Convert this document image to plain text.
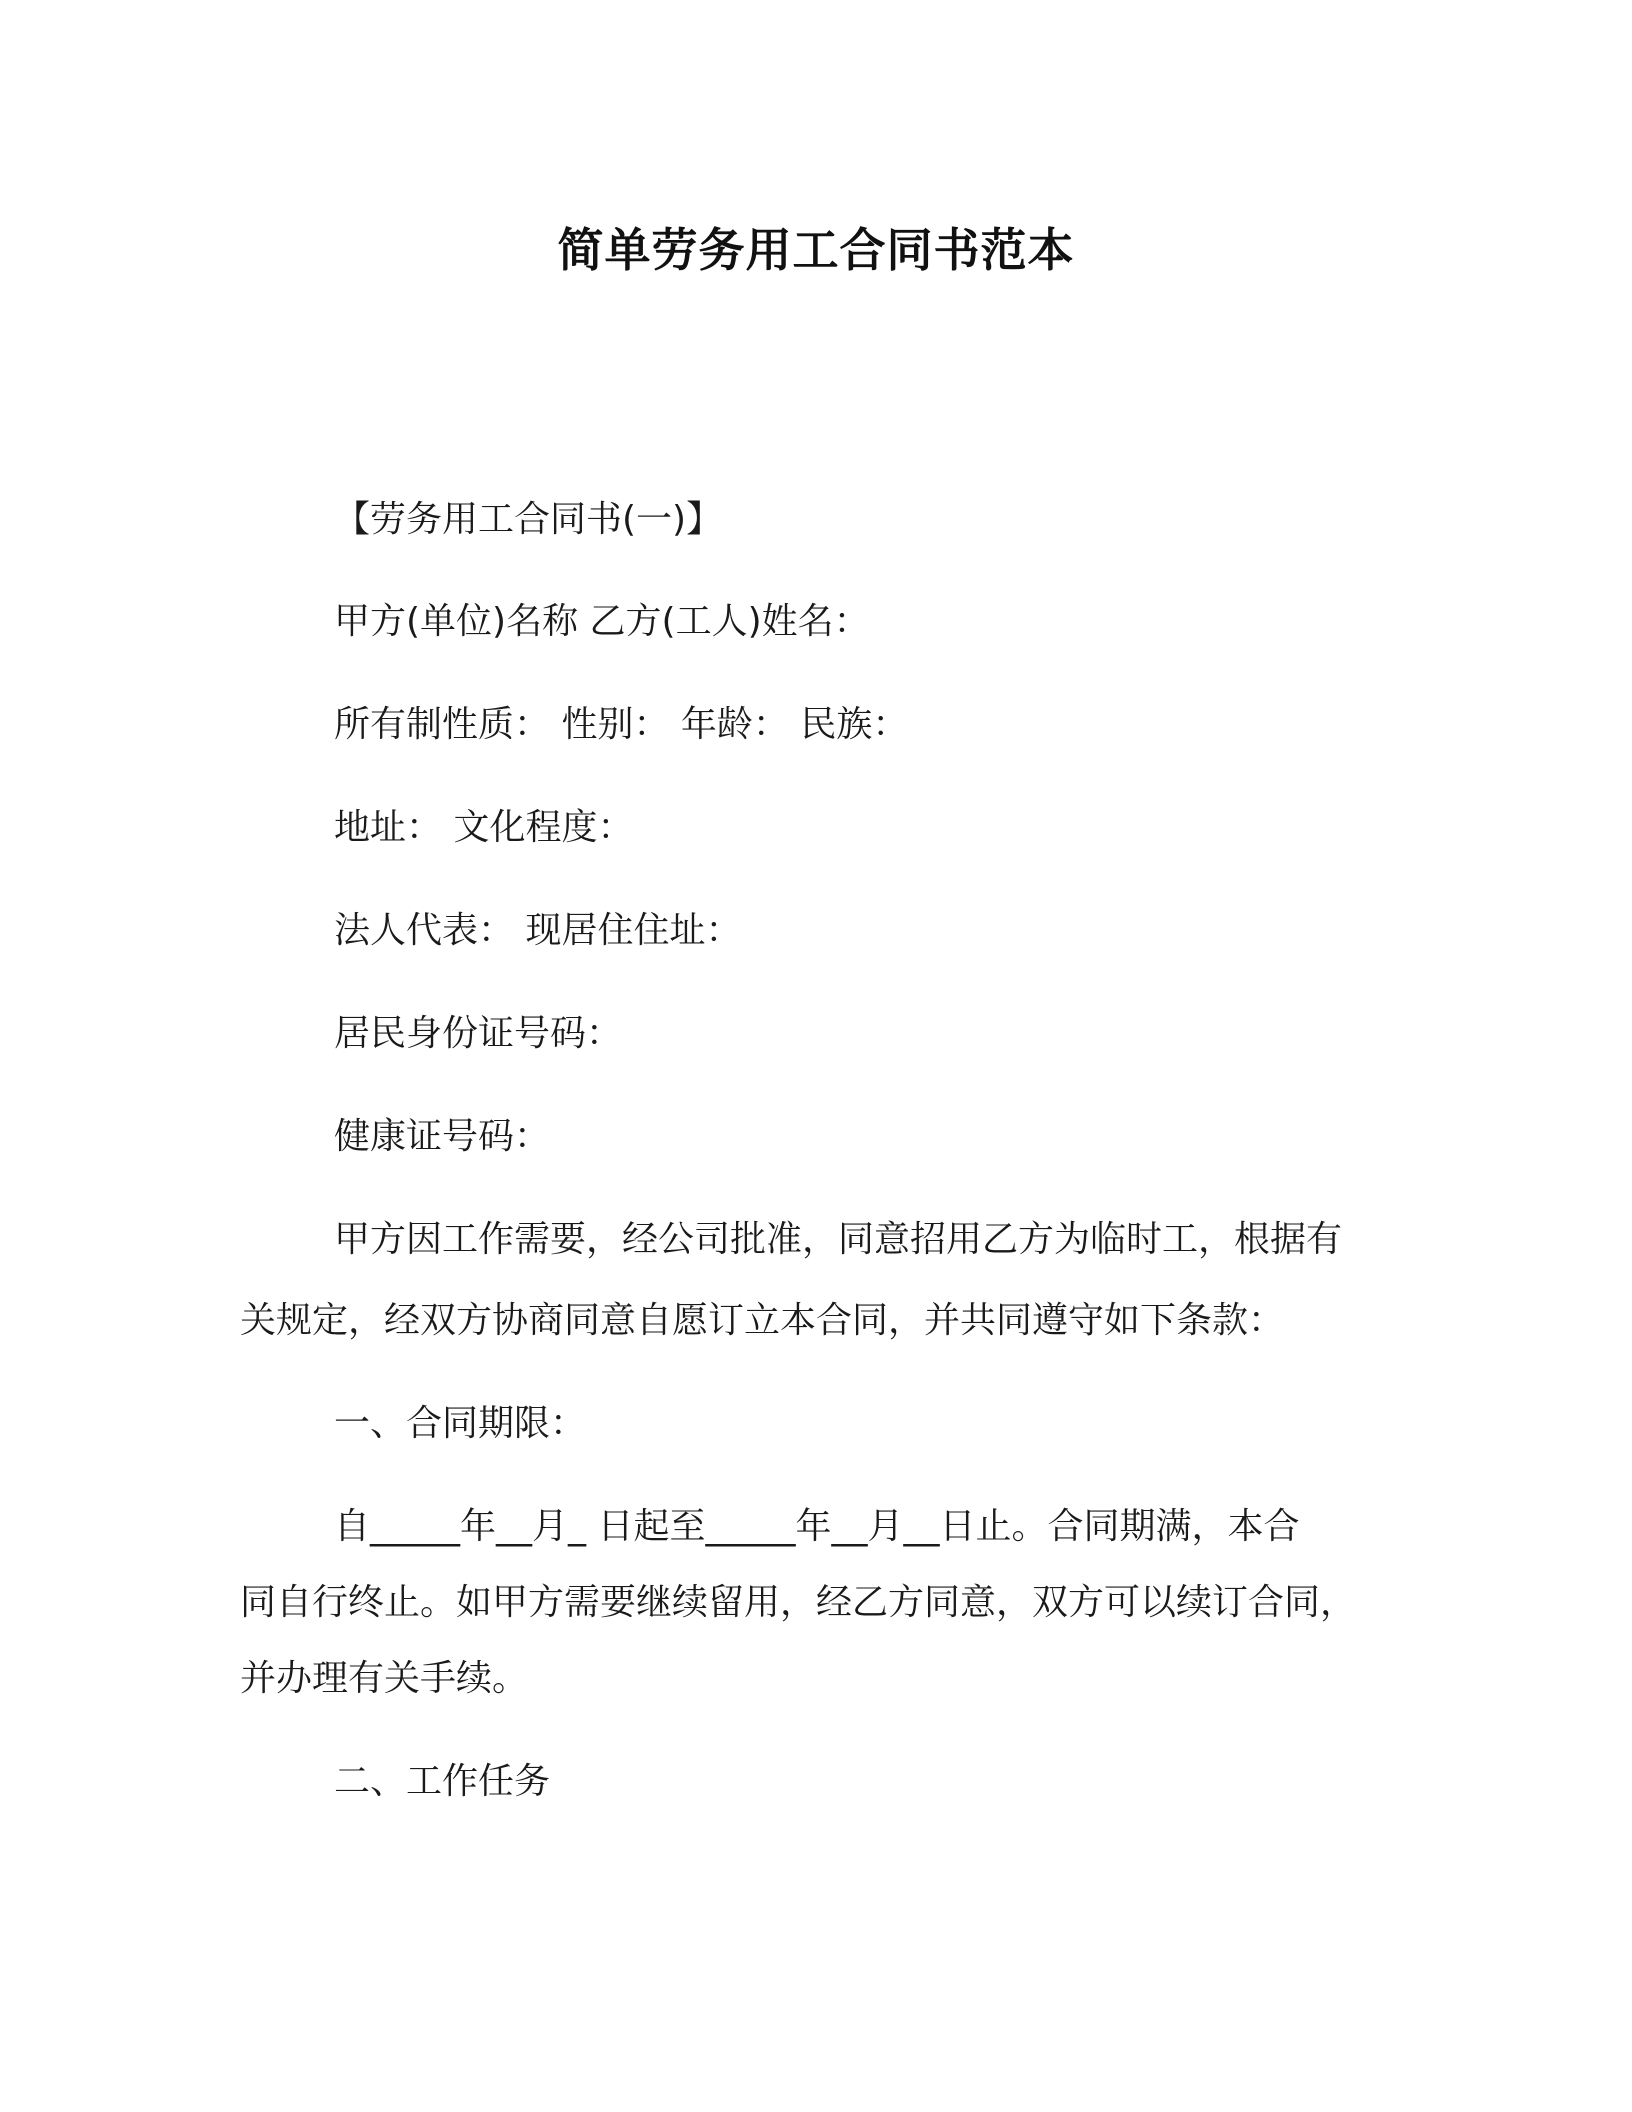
简单劳务用工合同书范本
【劳务用工合同书(一)】
甲方(单位)名称 乙方(工人)姓名：
所有制性质： 性别： 年龄： 民族：
地址： 文化程度：
法人代表： 现居住住址：
居民身份证号码：
健康证号码：
甲方因工作需要，经公司批准，同意招用乙方为临时工，根据有
关规定，经双方协商同意自愿订立本合同，并共同遵守如下条款：
一、合同期限：
自_____年__月_ 日起至_____年__月__日止。合同期满，本合
同自行终止。如甲方需要继续留用，经乙方同意，双方可以续订合同，
并办理有关手续。
二、工作任务
